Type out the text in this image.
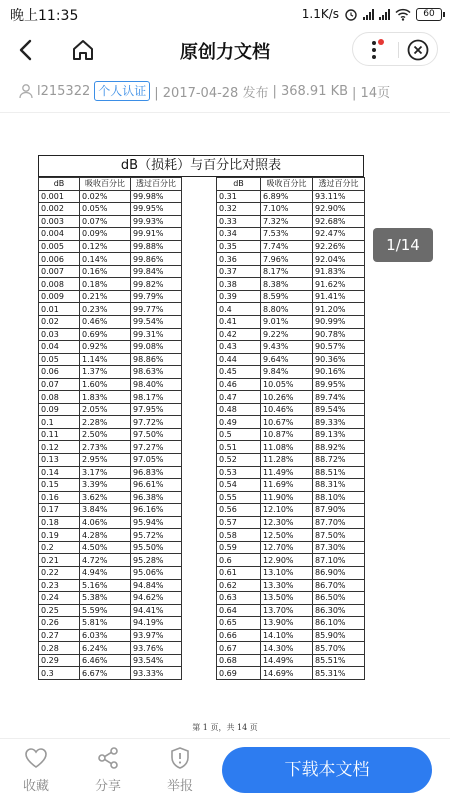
晚上11:35	1.1K/s	60
原创力文档
l215322 个人认证 | 2017-04-28 发布 | 368.91 KB | 14页
dB（损耗）与百分比对照表
dB	吸收百分比	透过百分比
0.001	0.02%	99.98%
0.002	0.05%	99.95%
0.003	0.07%	99.93%
0.004	0.09%	99.91%
0.005	0.12%	99.88%
0.006	0.14%	99.86%
0.007	0.16%	99.84%
0.008	0.18%	99.82%
0.009	0.21%	99.79%
0.01	0.23%	99.77%
0.02	0.46%	99.54%
0.03	0.69%	99.31%
0.04	0.92%	99.08%
0.05	1.14%	98.86%
0.06	1.37%	98.63%
0.07	1.60%	98.40%
0.08	1.83%	98.17%
0.09	2.05%	97.95%
0.1	2.28%	97.72%
0.11	2.50%	97.50%
0.12	2.73%	97.27%
0.13	2.95%	97.05%
0.14	3.17%	96.83%
0.15	3.39%	96.61%
0.16	3.62%	96.38%
0.17	3.84%	96.16%
0.18	4.06%	95.94%
0.19	4.28%	95.72%
0.2	4.50%	95.50%
0.21	4.72%	95.28%
0.22	4.94%	95.06%
0.23	5.16%	94.84%
0.24	5.38%	94.62%
0.25	5.59%	94.41%
0.26	5.81%	94.19%
0.27	6.03%	93.97%
0.28	6.24%	93.76%
0.29	6.46%	93.54%
0.3	6.67%	93.33%
dB	吸收百分比	透过百分比
0.31	6.89%	93.11%
0.32	7.10%	92.90%
0.33	7.32%	92.68%
0.34	7.53%	92.47%
0.35	7.74%	92.26%
0.36	7.96%	92.04%
0.37	8.17%	91.83%
0.38	8.38%	91.62%
0.39	8.59%	91.41%
0.4	8.80%	91.20%
0.41	9.01%	90.99%
0.42	9.22%	90.78%
0.43	9.43%	90.57%
0.44	9.64%	90.36%
0.45	9.84%	90.16%
0.46	10.05%	89.95%
0.47	10.26%	89.74%
0.48	10.46%	89.54%
0.49	10.67%	89.33%
0.5	10.87%	89.13%
0.51	11.08%	88.92%
0.52	11.28%	88.72%
0.53	11.49%	88.51%
0.54	11.69%	88.31%
0.55	11.90%	88.10%
0.56	12.10%	87.90%
0.57	12.30%	87.70%
0.58	12.50%	87.50%
0.59	12.70%	87.30%
0.6	12.90%	87.10%
0.61	13.10%	86.90%
0.62	13.30%	86.70%
0.63	13.50%	86.50%
0.64	13.70%	86.30%
0.65	13.90%	86.10%
0.66	14.10%	85.90%
0.67	14.30%	85.70%
0.68	14.49%	85.51%
0.69	14.69%	85.31%
第 1 页，共 14 页
1/14
收藏	分享	举报
下载本文档
